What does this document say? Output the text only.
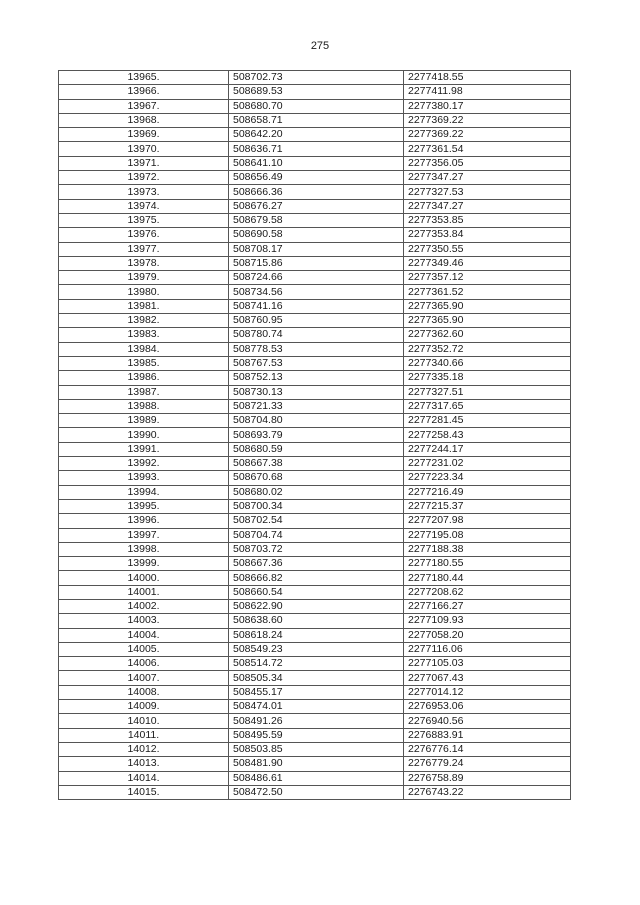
275
13965.	508702.73	2277418.55
13966.	508689.53	2277411.98
13967.	508680.70	2277380.17
13968.	508658.71	2277369.22
13969.	508642.20	2277369.22
13970.	508636.71	2277361.54
13971.	508641.10	2277356.05
13972.	508656.49	2277347.27
13973.	508666.36	2277327.53
13974.	508676.27	2277347.27
13975.	508679.58	2277353.85
13976.	508690.58	2277353.84
13977.	508708.17	2277350.55
13978.	508715.86	2277349.46
13979.	508724.66	2277357.12
13980.	508734.56	2277361.52
13981.	508741.16	2277365.90
13982.	508760.95	2277365.90
13983.	508780.74	2277362.60
13984.	508778.53	2277352.72
13985.	508767.53	2277340.66
13986.	508752.13	2277335.18
13987.	508730.13	2277327.51
13988.	508721.33	2277317.65
13989.	508704.80	2277281.45
13990.	508693.79	2277258.43
13991.	508680.59	2277244.17
13992.	508667.38	2277231.02
13993.	508670.68	2277223.34
13994.	508680.02	2277216.49
13995.	508700.34	2277215.37
13996.	508702.54	2277207.98
13997.	508704.74	2277195.08
13998.	508703.72	2277188.38
13999.	508667.36	2277180.55
14000.	508666.82	2277180.44
14001.	508660.54	2277208.62
14002.	508622.90	2277166.27
14003.	508638.60	2277109.93
14004.	508618.24	2277058.20
14005.	508549.23	2277116.06
14006.	508514.72	2277105.03
14007.	508505.34	2277067.43
14008.	508455.17	2277014.12
14009.	508474.01	2276953.06
14010.	508491.26	2276940.56
14011.	508495.59	2276883.91
14012.	508503.85	2276776.14
14013.	508481.90	2276779.24
14014.	508486.61	2276758.89
14015.	508472.50	2276743.22
